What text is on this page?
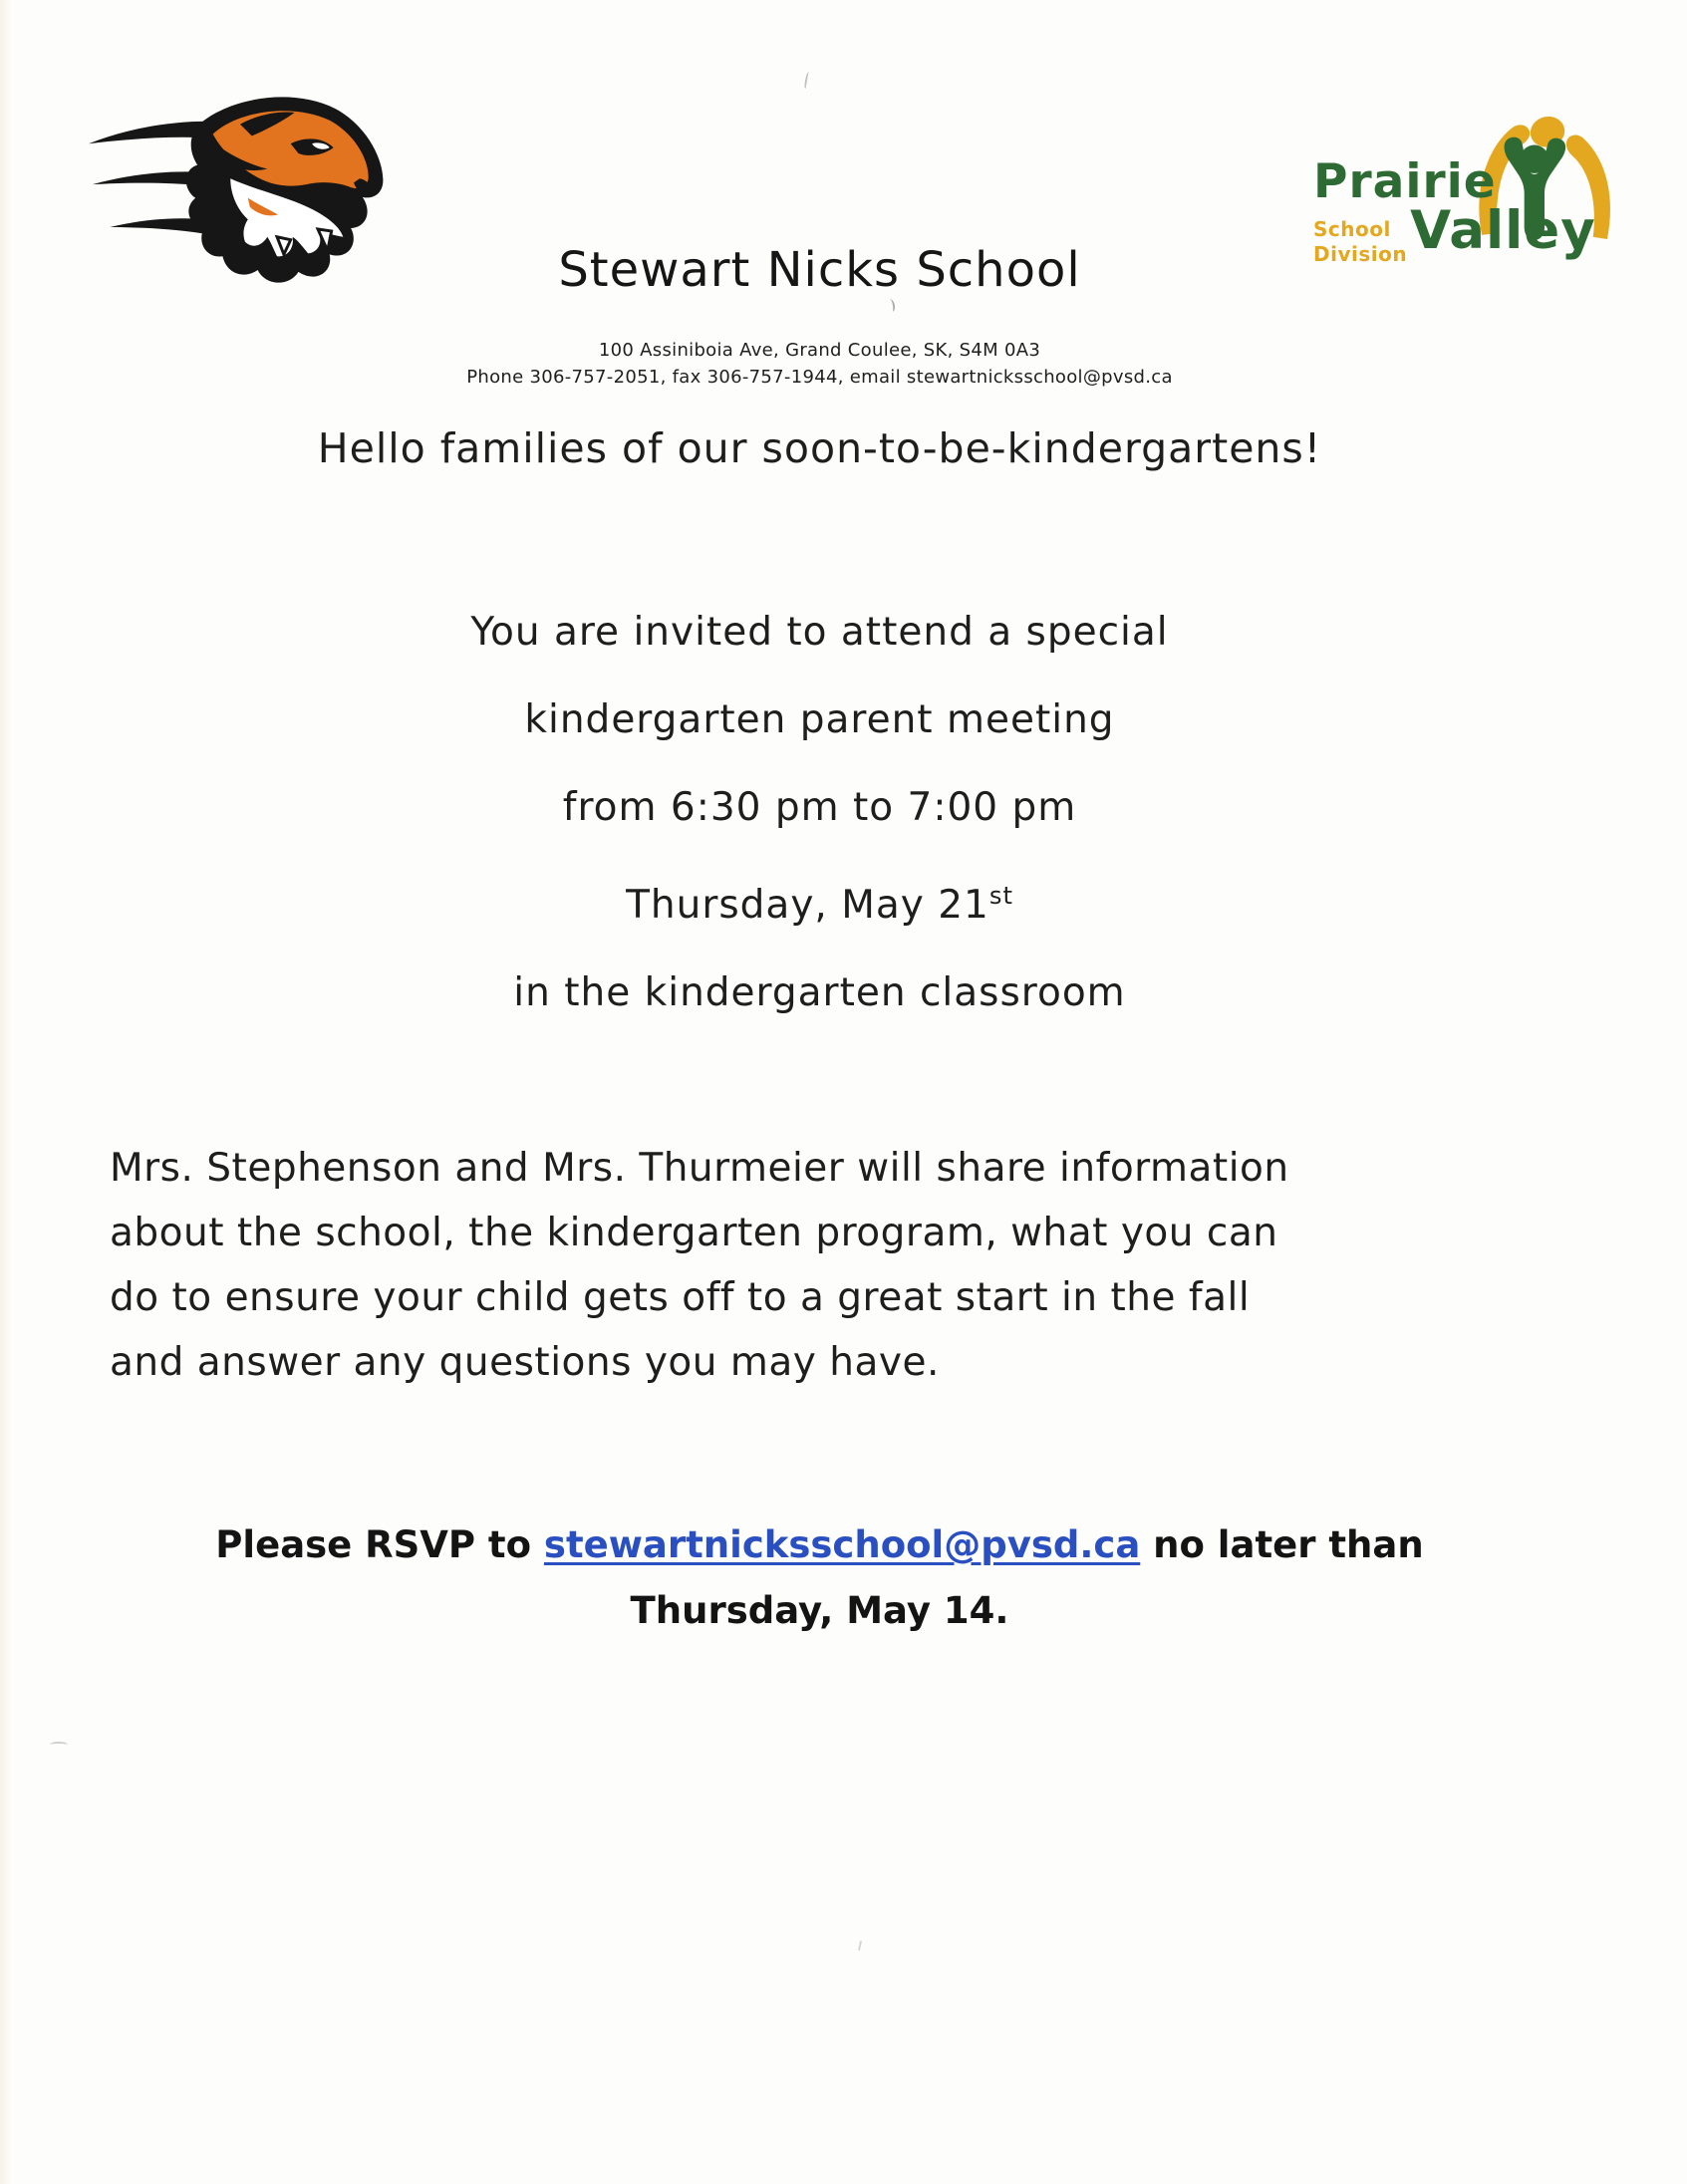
Prairie
School
Division Valley
Stewart Nicks School
100 Assiniboia Ave, Grand Coulee, SK, S4M 0A3
Phone 306-757-2051, fax 306-757-1944, email stewartnicksschool@pvsd.ca

Hello families of our soon-to-be-kindergartens!

You are invited to attend a special
kindergarten parent meeting
from 6:30 pm to 7:00 pm
Thursday, May 21st
in the kindergarten classroom
Mrs. Stephenson and Mrs. Thurmeier will share information
about the school, the kindergarten program, what you can
do to ensure your child gets off to a great start in the fall
and answer any questions you may have.
Please RSVP to stewartnicksschool@pvsd.ca no later than
Thursday, May 14.
